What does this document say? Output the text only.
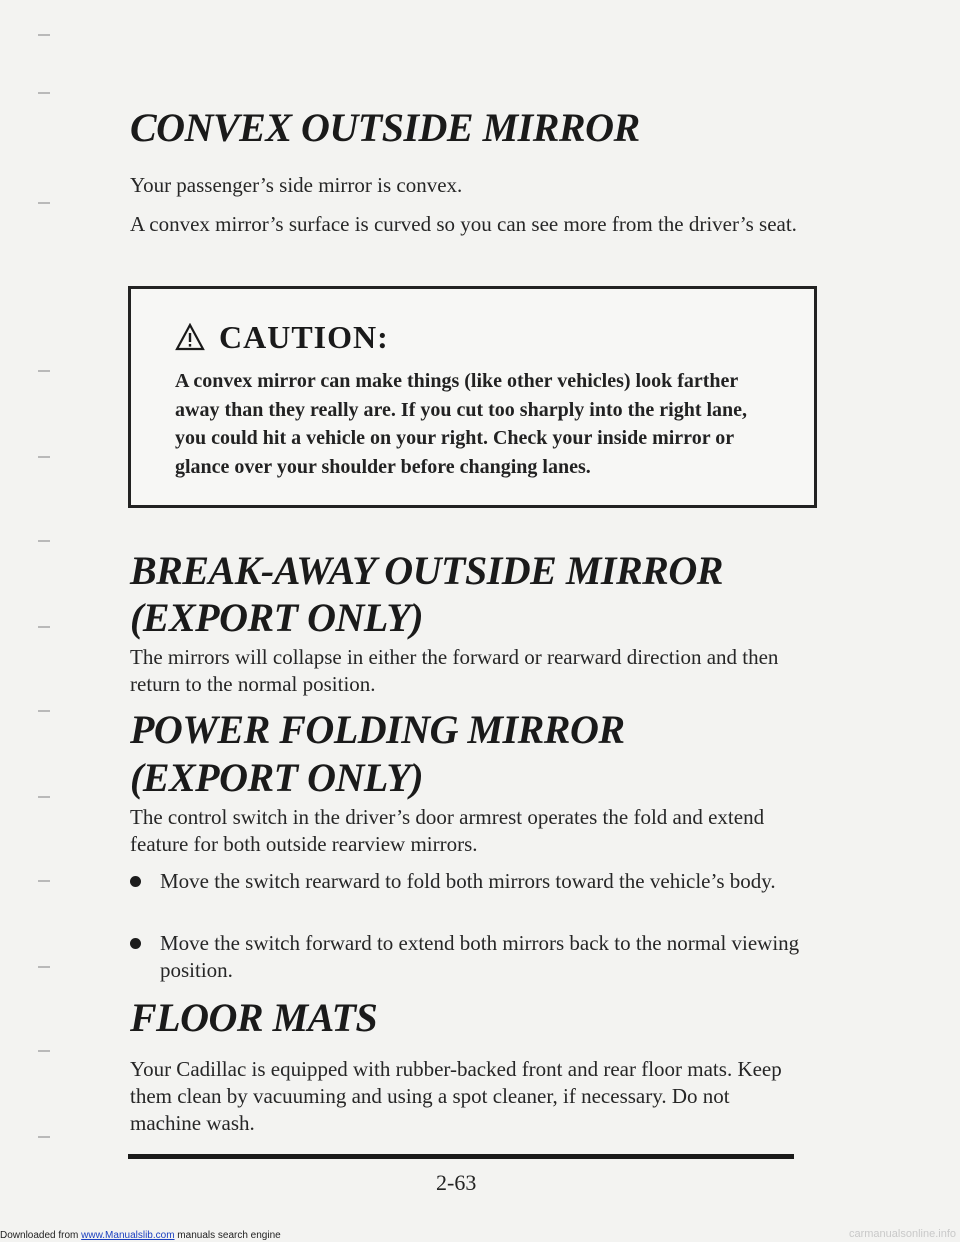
CONVEX OUTSIDE MIRROR

Your passenger’s side mirror is convex.

A convex mirror’s surface is curved so you can see more from the driver’s seat.

CAUTION:

A convex mirror can make things (like other vehicles) look farther away than they really are. If you cut too sharply into the right lane, you could hit a vehicle on your right. Check your inside mirror or glance over your shoulder before changing lanes.

BREAK-AWAY OUTSIDE MIRROR
(EXPORT ONLY)

The mirrors will collapse in either the forward or rearward direction and then return to the normal position.

POWER FOLDING MIRROR
(EXPORT ONLY)

The control switch in the driver’s door armrest operates the fold and extend feature for both outside rearview mirrors.

Move the switch rearward to fold both mirrors toward the vehicle’s body.
Move the switch forward to extend both mirrors back to the normal viewing position.
FLOOR MATS

Your Cadillac is equipped with rubber-backed front and rear floor mats. Keep them clean by vacuuming and using a spot cleaner, if necessary. Do not machine wash.

2-63
Downloaded from www.Manualslib.com manuals search engine	carmanualsonline.info
